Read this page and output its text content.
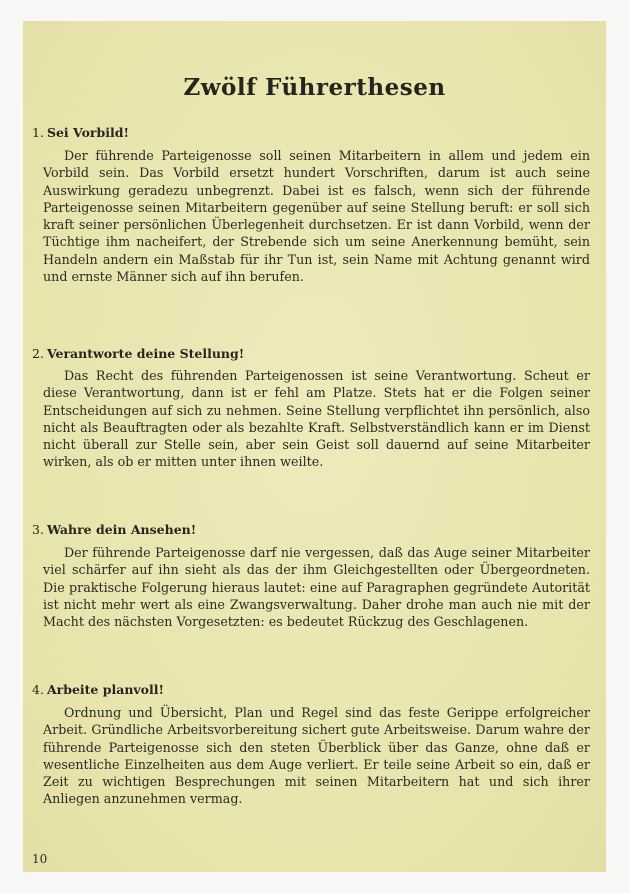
Zwölf Führerthesen
1. Sei Vorbild!
Der führende Parteigenosse soll seinen Mitarbeitern in allem und jedem ein Vorbild sein. Das Vorbild ersetzt hundert Vorschriften, darum ist auch seine Auswirkung geradezu unbegrenzt. Dabei ist es falsch, wenn sich der führende Parteigenosse seinen Mitarbeitern gegenüber auf seine Stellung beruft: er soll sich kraft seiner persönlichen Überlegenheit durchsetzen. Er ist dann Vorbild, wenn der Tüchtige ihm nacheifert, der Strebende sich um seine Anerkennung bemüht, sein Handeln andern ein Maßstab für ihr Tun ist, sein Name mit Achtung genannt wird und ernste Männer sich auf ihn berufen.
2. Verantworte deine Stellung!
Das Recht des führenden Parteigenossen ist seine Verantwortung. Scheut er diese Verantwortung, dann ist er fehl am Platze. Stets hat er die Folgen seiner Entscheidungen auf sich zu nehmen. Seine Stellung verpflichtet ihn persönlich, also nicht als Beauftragten oder als bezahlte Kraft. Selbstverständlich kann er im Dienst nicht überall zur Stelle sein, aber sein Geist soll dauernd auf seine Mitarbeiter wirken, als ob er mitten unter ihnen weilte.
3. Wahre dein Ansehen!
Der führende Parteigenosse darf nie vergessen, daß das Auge seiner Mitarbeiter viel schärfer auf ihn sieht als das der ihm Gleichgestellten oder Übergeordneten. Die praktische Folgerung hieraus lautet: eine auf Paragraphen gegründete Autorität ist nicht mehr wert als eine Zwangsverwaltung. Daher drohe man auch nie mit der Macht des nächsten Vorgesetzten: es bedeutet Rückzug des Geschlagenen.
4. Arbeite planvoll!
Ordnung und Übersicht, Plan und Regel sind das feste Gerippe erfolgreicher Arbeit. Gründliche Arbeitsvorbereitung sichert gute Arbeitsweise. Darum wahre der führende Parteigenosse sich den steten Überblick über das Ganze, ohne daß er wesentliche Einzelheiten aus dem Auge verliert. Er teile seine Arbeit so ein, daß er Zeit zu wichtigen Besprechungen mit seinen Mitarbeitern hat und sich ihrer Anliegen anzunehmen vermag.
10
